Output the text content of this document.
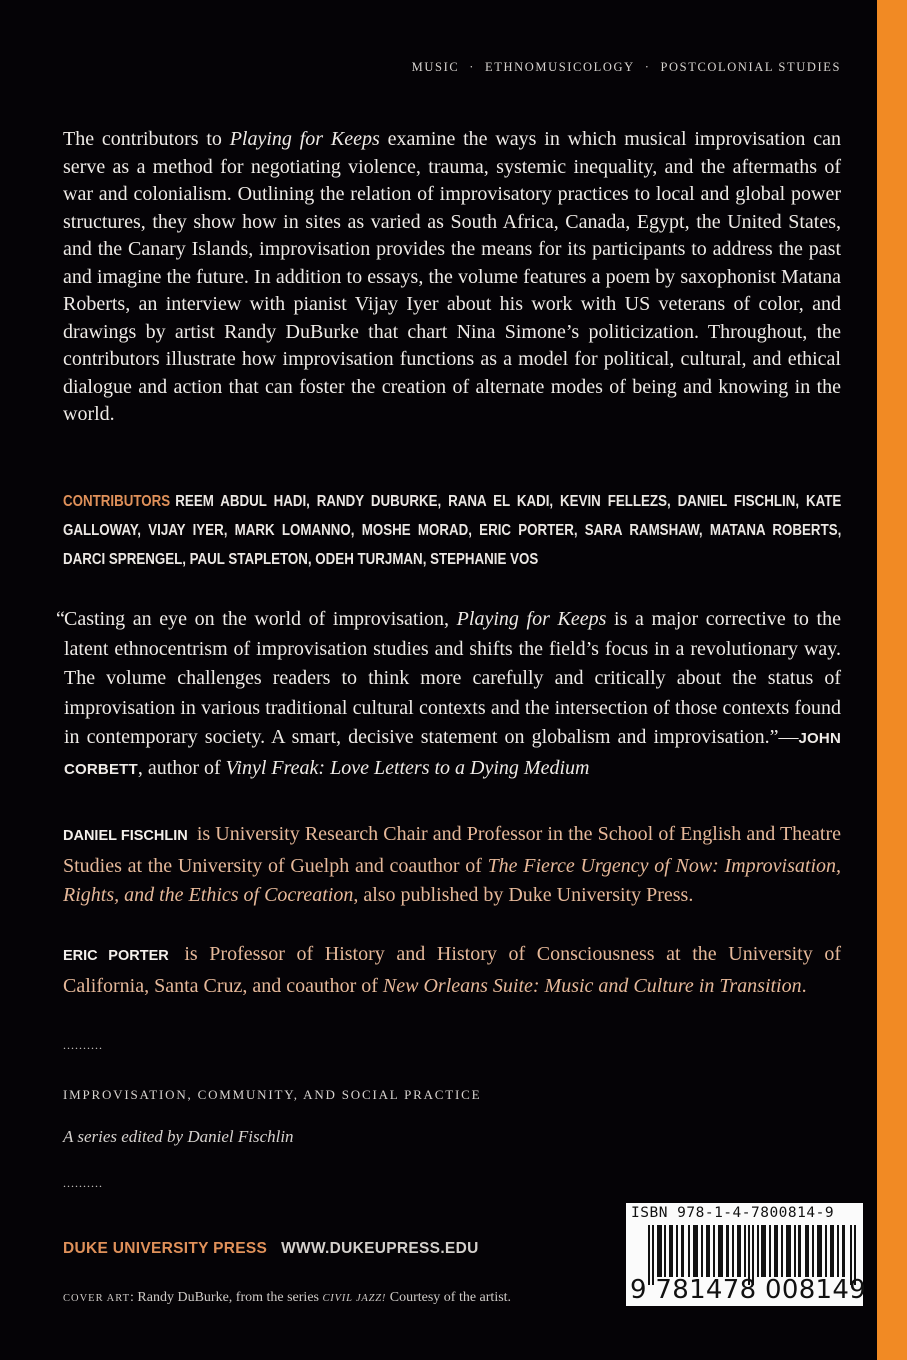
MUSIC · ETHNOMUSICOLOGY · POSTCOLONIAL STUDIES
The contributors to Playing for Keeps examine the ways in which musical improvisation can serve as a method for negotiating violence, trauma, systemic inequality, and the aftermaths of war and colonialism. Outlining the relation of improvisatory practices to local and global power structures, they show how in sites as varied as South Africa, Canada, Egypt, the United States, and the Canary Islands, improvisation provides the means for its participants to address the past and imagine the future. In addition to essays, the volume features a poem by saxophonist Matana Roberts, an interview with pianist Vijay Iyer about his work with US veterans of color, and drawings by artist Randy DuBurke that chart Nina Simone’s politicization. Throughout, the contributors illustrate how improvisation functions as a model for political, cultural, and ethical dialogue and action that can foster the creation of alternate modes of being and knowing in the world.
CONTRIBUTORS REEM ABDUL HADI, RANDY DUBURKE, RANA EL KADI, KEVIN FELLEZS, DANIEL FISCHLIN, KATE GALLOWAY, VIJAY IYER, MARK LOMANNO, MOSHE MORAD, ERIC PORTER, SARA RAMSHAW, MATANA ROBERTS, DARCI SPRENGEL, PAUL STAPLETON, ODEH TURJMAN, STEPHANIE VOS
“ Casting an eye on the world of improvisation, Playing for Keeps is a major corrective to the latent ethnocentrism of improvisation studies and shifts the field’s focus in a revolutionary way. The volume challenges readers to think more carefully and critically about the status of improvisation in various traditional cultural contexts and the intersection of those contexts found in contemporary society. A smart, decisive statement on globalism and improvisation.”—JOHN CORBETT, author of Vinyl Freak: Love Letters to a Dying Medium
DANIEL FISCHLIN is University Research Chair and Professor in the School of English and Theatre Studies at the University of Guelph and coauthor of The Fierce Urgency of Now: Improvisation, Rights, and the Ethics of Cocreation, also published by Duke University Press.
ERIC PORTER is Professor of History and History of Consciousness at the University of California, Santa Cruz, and coauthor of New Orleans Suite: Music and Culture in Transition.
..........
IMPROVISATION, COMMUNITY, AND SOCIAL PRACTICE
A series edited by Daniel Fischlin
..........
DUKE UNIVERSITY PRESS WWW.DUKEUPRESS.EDU
COVER ART: Randy DuBurke, from the series CIVIL JAZZ! Courtesy of the artist.
ISBN 978-1-4-7800814-9
9 781478 008149
